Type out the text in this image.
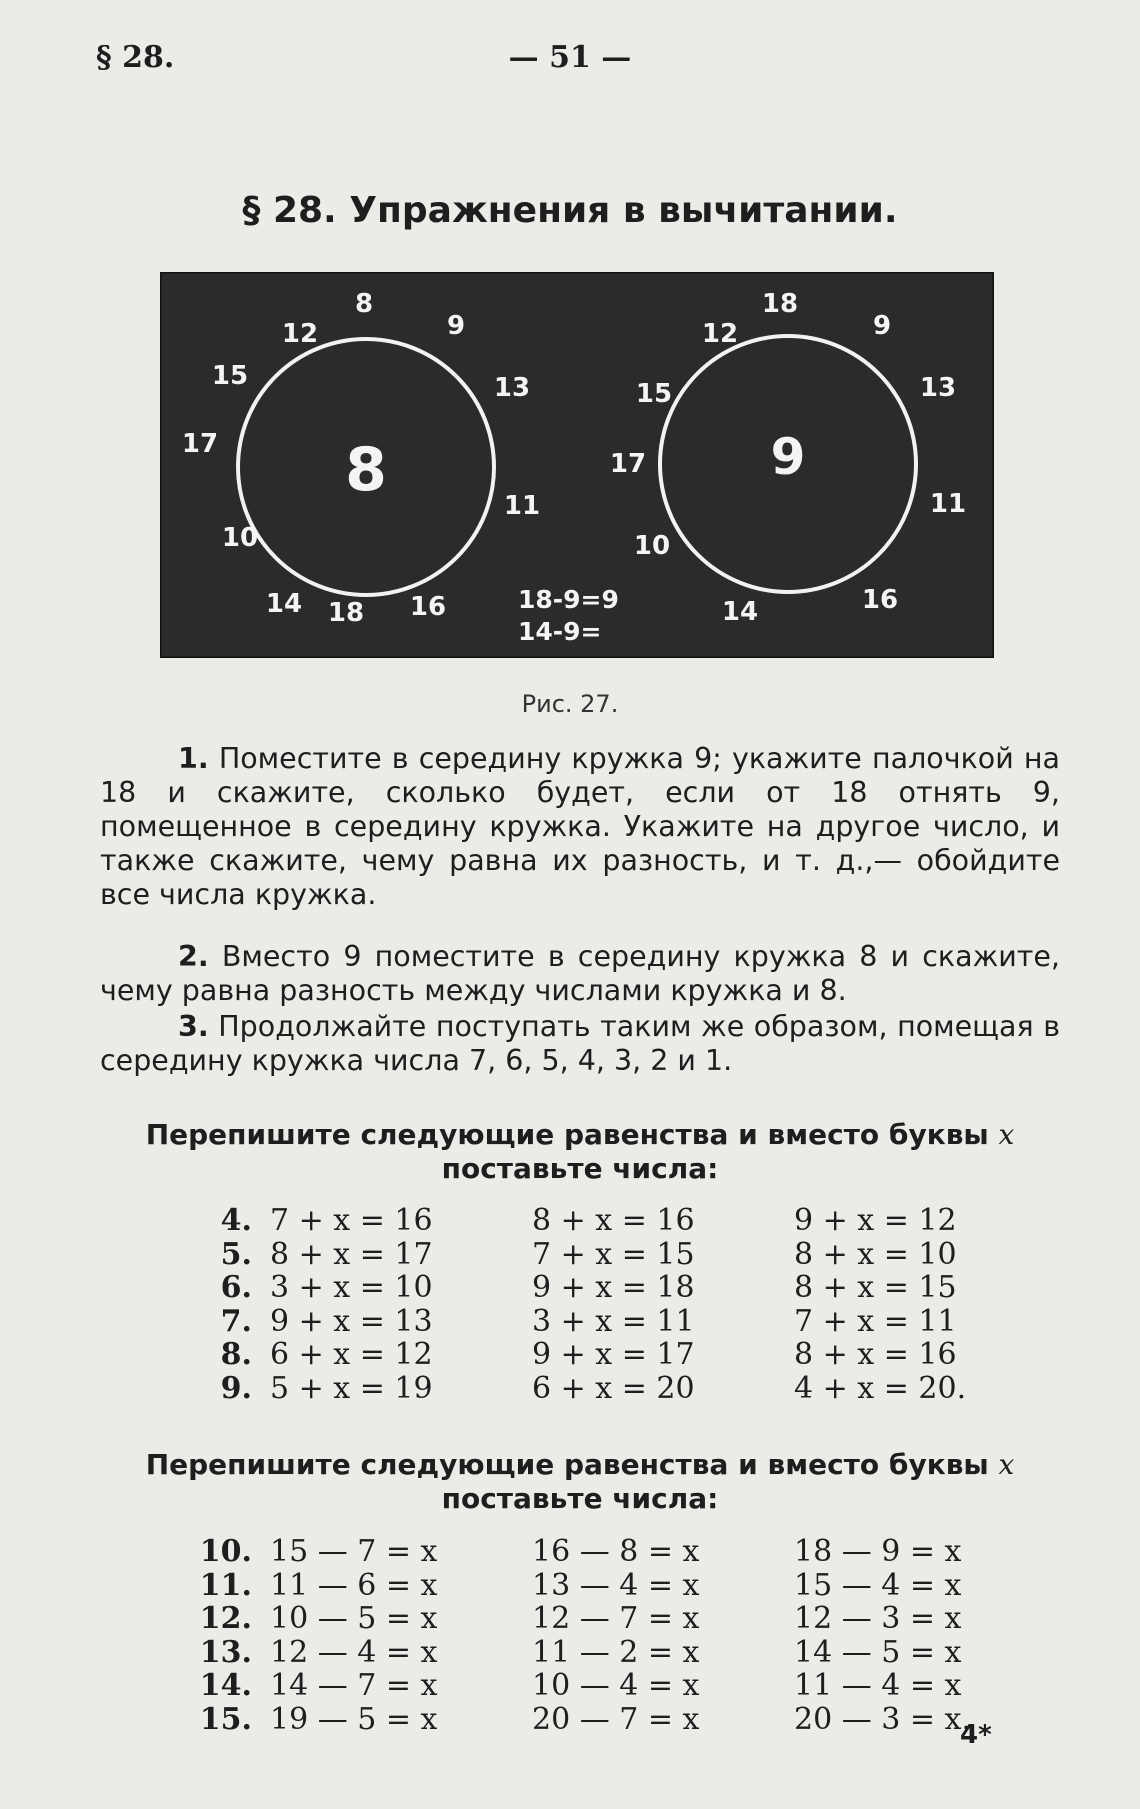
§ 28.	— 51 —
§ 28. Упражнения в вычитании.
8
9
13
11
16
18
14
10
17
15
12
8
18
9
13
11
16
14
10
17
15
12
9
18-9=9
14-9=
Рис. 27.

1. Поместите в середину кружка 9; укажите палочкой на 18 и скажите, сколько будет, если от 18 отнять 9, помещенное в середину кружка. Укажите на другое число, и также скажите, чему равна их разность, и т. д.,— обойдите все числа кружка.

2. Вместо 9 поместите в середину кружка 8 и скажите, чему равна разность между числами кружка и 8.

3. Продолжайте поступать таким же образом, помещая в середину кружка числа 7, 6, 5, 4, 3, 2 и 1.

Перепишите следующие равенства и вместо буквы x
поставьте числа:
4.	7 + x = 16	8 + x = 16	9 + x = 12
5.	8 + x = 17	7 + x = 15	8 + x = 10
6.	3 + x = 10	9 + x = 18	8 + x = 15
7.	9 + x = 13	3 + x = 11	7 + x = 11
8.	6 + x = 12	9 + x = 17	8 + x = 16
9.	5 + x = 19	6 + x = 20	4 + x = 20.
Перепишите следующие равенства и вместо буквы x
поставьте числа:
10.	15 — 7 = x	16 — 8 = x	18 — 9 = x
11.	11 — 6 = x	13 — 4 = x	15 — 4 = x
12.	10 — 5 = x	12 — 7 = x	12 — 3 = x
13.	12 — 4 = x	11 — 2 = x	14 — 5 = x
14.	14 — 7 = x	10 — 4 = x	11 — 4 = x
15.	19 — 5 = x	20 — 7 = x	20 — 3 = x.
4*
